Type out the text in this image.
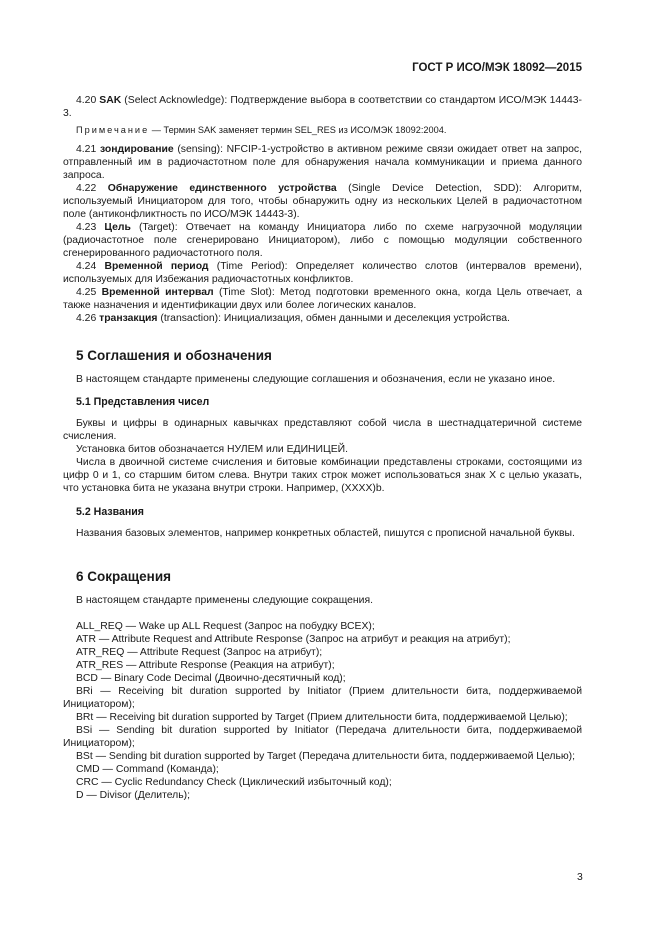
ГОСТ Р ИСО/МЭК 18092—2015

4.20 SAK (Select Acknowledge): Подтверждение выбора в соответствии со стандартом ИСО/МЭК 14443-3.

Примечание — Термин SAK заменяет термин SEL_RES из ИСО/МЭК 18092:2004.

4.21 зондирование (sensing): NFCIP-1-устройство в активном режиме связи ожидает ответ на запрос, отправленный им в радиочастотном поле для обнаружения начала коммуникации и приема данного запроса.

4.22 Обнаружение единственного устройства (Single Device Detection, SDD): Алгоритм, используемый Инициатором для того, чтобы обнаружить одну из нескольких Целей в радиочастотном поле (антиконфликтность по ИСО/МЭК 14443-3).

4.23 Цель (Target): Отвечает на команду Инициатора либо по схеме нагрузочной модуляции (радиочастотное поле сгенерировано Инициатором), либо с помощью модуляции собственного сгенерированного радиочастотного поля.

4.24 Временной период (Time Period): Определяет количество слотов (интервалов времени), используемых для Избежания радиочастотных конфликтов.

4.25 Временной интервал (Time Slot): Метод подготовки временного окна, когда Цель отвечает, а также назначения и идентификации двух или более логических каналов.

4.26 транзакция (transaction): Инициализация, обмен данными и деселекция устройства.

5 Соглашения и обозначения

В настоящем стандарте применены следующие соглашения и обозначения, если не указано иное.

5.1 Представления чисел

Буквы и цифры в одинарных кавычках представляют собой числа в шестнадцатеричной системе счисления.

Установка битов обозначается НУЛЕМ или ЕДИНИЦЕЙ.

Числа в двоичной системе счисления и битовые комбинации представлены строками, состоящими из цифр 0 и 1, со старшим битом слева. Внутри таких строк может использоваться знак X с целью указать, что установка бита не указана внутри строки. Например, (XXXX)b.

5.2 Названия

Названия базовых элементов, например конкретных областей, пишутся с прописной начальной буквы.

6 Сокращения

В настоящем стандарте применены следующие сокращения.

ALL_REQ — Wake up ALL Request (Запрос на побудку ВСЕХ);

ATR — Attribute Request and Attribute Response (Запрос на атрибут и реакция на атрибут);

ATR_REQ — Attribute Request (Запрос на атрибут);

ATR_RES — Attribute Response (Реакция на атрибут);

BCD — Binary Code Decimal (Двоично-десятичный код);

BRi — Receiving bit duration supported by Initiator (Прием длительности бита, поддерживаемой Инициатором);

BRt — Receiving bit duration supported by Target (Прием длительности бита, поддерживаемой Целью);

BSi — Sending bit duration supported by Initiator (Передача длительности бита, поддерживаемой Инициатором);

BSt — Sending bit duration supported by Target (Передача длительности бита, поддерживаемой Целью);

CMD — Command (Команда);

CRC — Cyclic Redundancy Check (Циклический избыточный код);

D — Divisor (Делитель);

3
